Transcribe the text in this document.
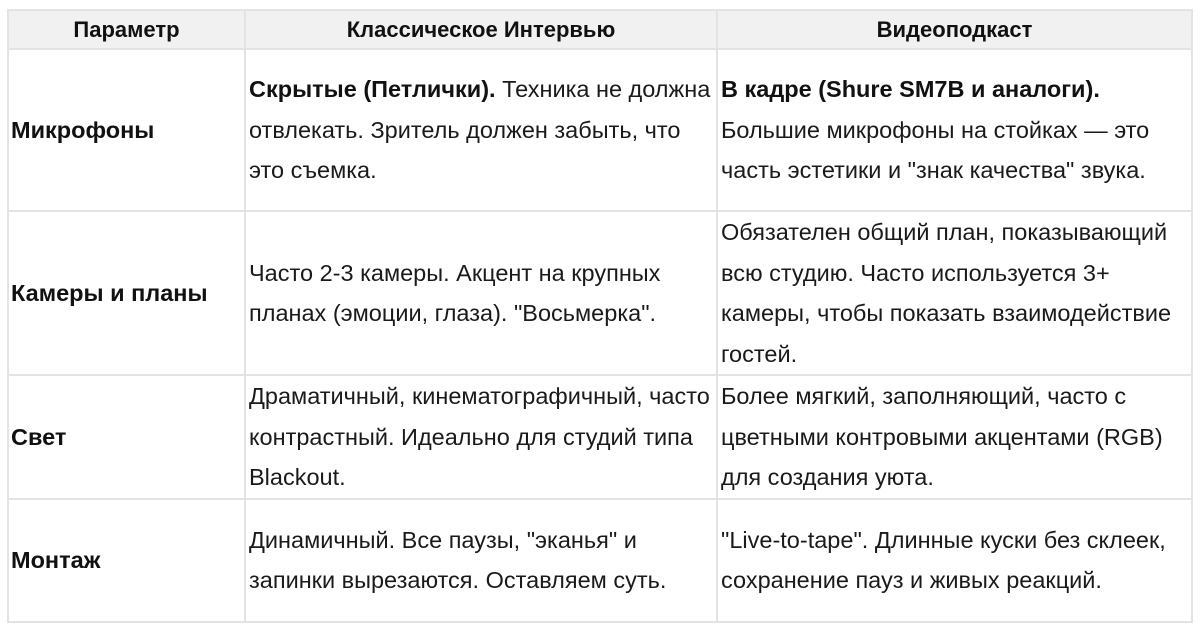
Параметр	Классическое Интервью	Видеоподкаст
Микрофоны	Скрытые (Петлички). Техника не должна отвлекать. Зритель должен забыть, что это съемка.	В кадре (Shure SM7B и аналоги). Большие микрофоны на стойках — это часть эстетики и "знак качества" звука.
Камеры и планы	Часто 2-3 камеры. Акцент на крупных планах (эмоции, глаза). "Восьмерка".	Обязателен общий план, показывающий всю студию. Часто используется 3+ камеры, чтобы показать взаимодействие гостей.
Свет	Драматичный, кинематографичный, часто контрастный. Идеально для студий типа Blackout.	Более мягкий, заполняющий, часто с цветными контровыми акцентами (RGB) для создания уюта.
Монтаж	Динамичный. Все паузы, "эканья" и запинки вырезаются. Оставляем суть.	"Live-to-tape". Длинные куски без склеек, сохранение пауз и живых реакций.
